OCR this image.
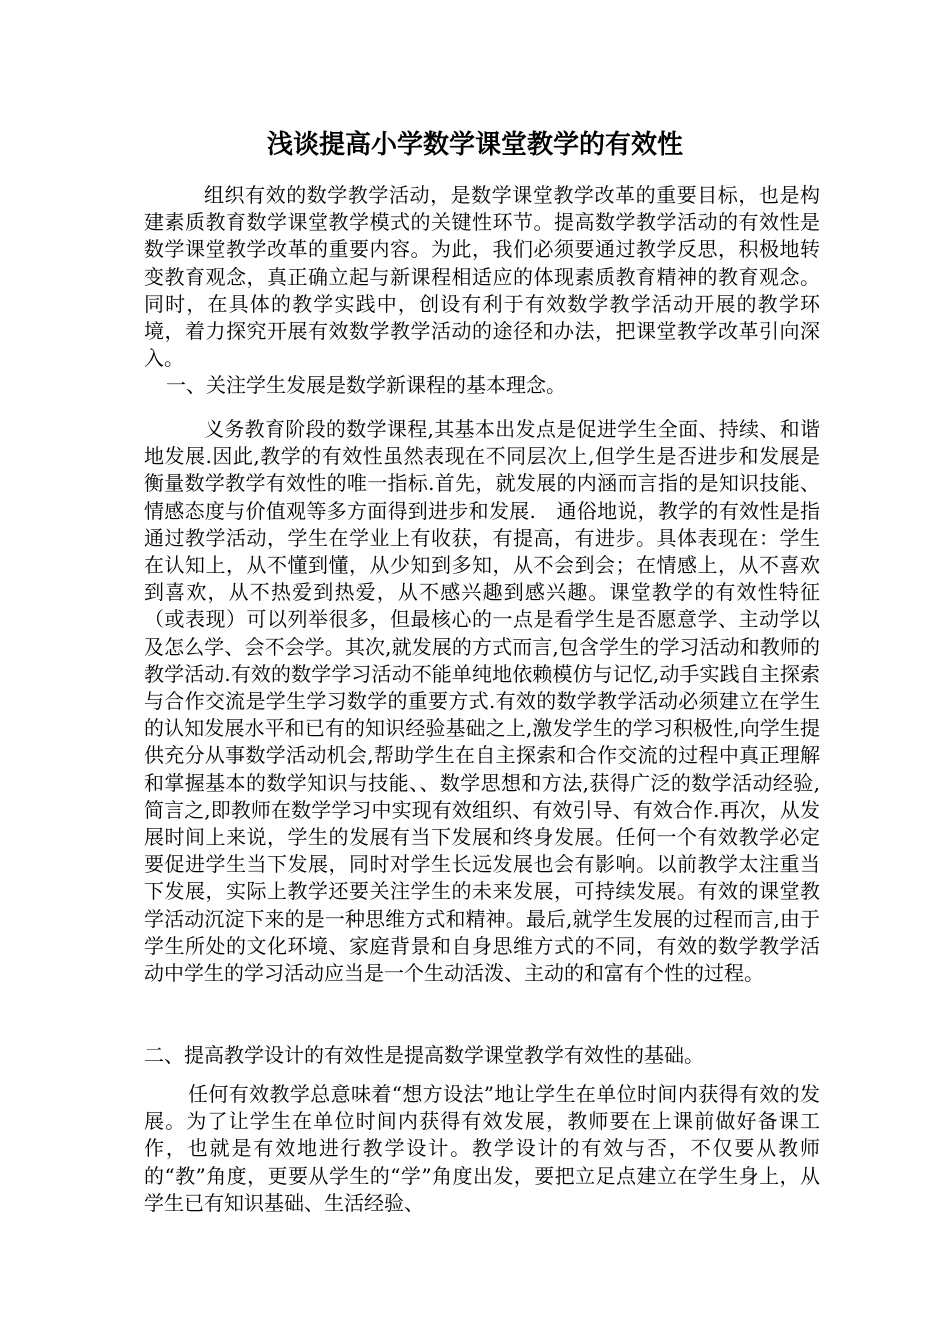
浅谈提高小学数学课堂教学的有效性

组织有效的数学教学活动，是数学课堂教学改革的重要目标，也是构建素质教育数学课堂教学模式的关键性环节。提高数学教学活动的有效性是数学课堂教学改革的重要内容。为此，我们必须要通过教学反思，积极地转变教育观念，真正确立起与新课程相适应的体现素质教育精神的教育观念。同时，在具体的教学实践中，创设有利于有效数学教学活动开展的教学环境，着力探究开展有效数学教学活动的途径和办法，把课堂教学改革引向深入。

一、关注学生发展是数学新课程的基本理念。

义务教育阶段的数学课程,其基本出发点是促进学生全面、持续、和谐地发展.因此,教学的有效性虽然表现在不同层次上,但学生是否进步和发展是衡量数学教学有效性的唯一指标.首先，就发展的内涵而言指的是知识技能、情感态度与价值观等多方面得到进步和发展.　通俗地说，教学的有效性是指通过教学活动，学生在学业上有收获，有提高，有进步。具体表现在：学生在认知上，从不懂到懂，从少知到多知，从不会到会；在情感上，从不喜欢到喜欢，从不热爱到热爱，从不感兴趣到感兴趣。课堂教学的有效性特征（或表现）可以列举很多，但最核心的一点是看学生是否愿意学、主动学以及怎么学、会不会学。其次,就发展的方式而言,包含学生的学习活动和教师的教学活动.有效的数学学习活动不能单纯地依赖模仿与记忆,动手实践自主探索与合作交流是学生学习数学的重要方式.有效的数学教学活动必须建立在学生的认知发展水平和已有的知识经验基础之上,激发学生的学习积极性,向学生提供充分从事数学活动机会,帮助学生在自主探索和合作交流的过程中真正理解和掌握基本的数学知识与技能、、数学思想和方法,获得广泛的数学活动经验,简言之,即教师在数学学习中实现有效组织、有效引导、有效合作.再次，从发展时间上来说，学生的发展有当下发展和终身发展。任何一个有效教学必定要促进学生当下发展，同时对学生长远发展也会有影响。以前教学太注重当下发展，实际上教学还要关注学生的未来发展，可持续发展。有效的课堂教学活动沉淀下来的是一种思维方式和精神。最后,就学生发展的过程而言,由于学生所处的文化环境、家庭背景和自身思维方式的不同，有效的数学教学活动中学生的学习活动应当是一个生动活泼、主动的和富有个性的过程。

二、提高教学设计的有效性是提高数学课堂教学有效性的基础。

任何有效教学总意味着“想方设法”地让学生在单位时间内获得有效的发展。为了让学生在单位时间内获得有效发展，教师要在上课前做好备课工作，也就是有效地进行教学设计。教学设计的有效与否，不仅要从教师的“教”角度，更要从学生的“学”角度出发，要把立足点建立在学生身上，从学生已有知识基础、生活经验、
